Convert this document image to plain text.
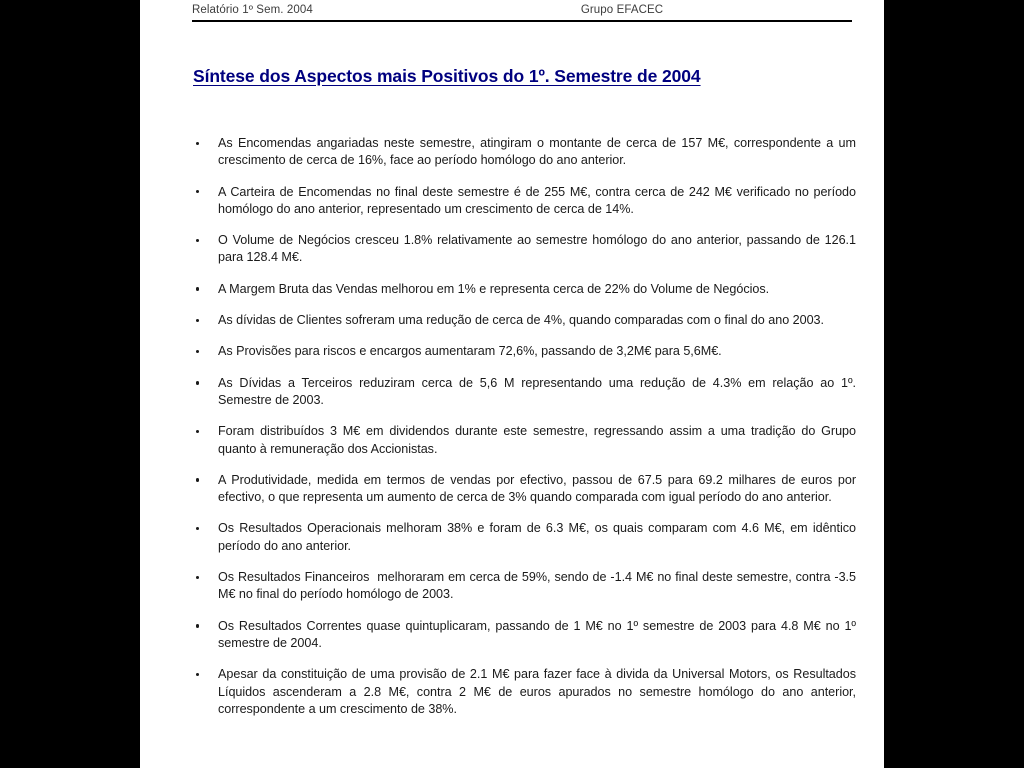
Relatório 1º Sem. 2004	Grupo EFACEC
Síntese dos Aspectos mais Positivos do 1º. Semestre de 2004
As Encomendas angariadas neste semestre, atingiram o montante de cerca de 157 M€, correspondente a um crescimento de cerca de 16%, face ao período homólogo do ano anterior.
A Carteira de Encomendas no final deste semestre é de 255 M€, contra cerca de 242 M€ verificado no período homólogo do ano anterior, representado um crescimento de cerca de 14%.
O Volume de Negócios cresceu 1.8% relativamente ao semestre homólogo do ano anterior, passando de 126.1 para 128.4 M€.
A Margem Bruta das Vendas melhorou em 1% e representa cerca de 22% do Volume de Negócios.
As dívidas de Clientes sofreram uma redução de cerca de 4%, quando comparadas com o final do ano 2003.
As Provisões para riscos e encargos aumentaram 72,6%, passando de 3,2M€ para 5,6M€.
As Dívidas a Terceiros reduziram cerca de 5,6 M representando uma redução de 4.3% em relação ao 1º. Semestre de 2003.
Foram distribuídos 3 M€ em dividendos durante este semestre, regressando assim a uma tradição do Grupo quanto à remuneração dos Accionistas.
A Produtividade, medida em termos de vendas por efectivo, passou de 67.5 para 69.2 milhares de euros por efectivo, o que representa um aumento de cerca de 3% quando comparada com igual período do ano anterior.
Os Resultados Operacionais melhoram 38% e foram de 6.3 M€, os quais comparam com 4.6 M€, em idêntico período do ano anterior.
Os Resultados Financeiros  melhoraram em cerca de 59%, sendo de -1.4 M€ no final deste semestre, contra -3.5 M€ no final do período homólogo de 2003.
Os Resultados Correntes quase quintuplicaram, passando de 1 M€ no 1º semestre de 2003 para 4.8 M€ no 1º semestre de 2004.
Apesar da constituição de uma provisão de 2.1 M€ para fazer face à divida da Universal Motors, os Resultados Líquidos ascenderam a 2.8 M€, contra 2 M€ de euros apurados no semestre homólogo do ano anterior, correspondente a um crescimento de 38%.
